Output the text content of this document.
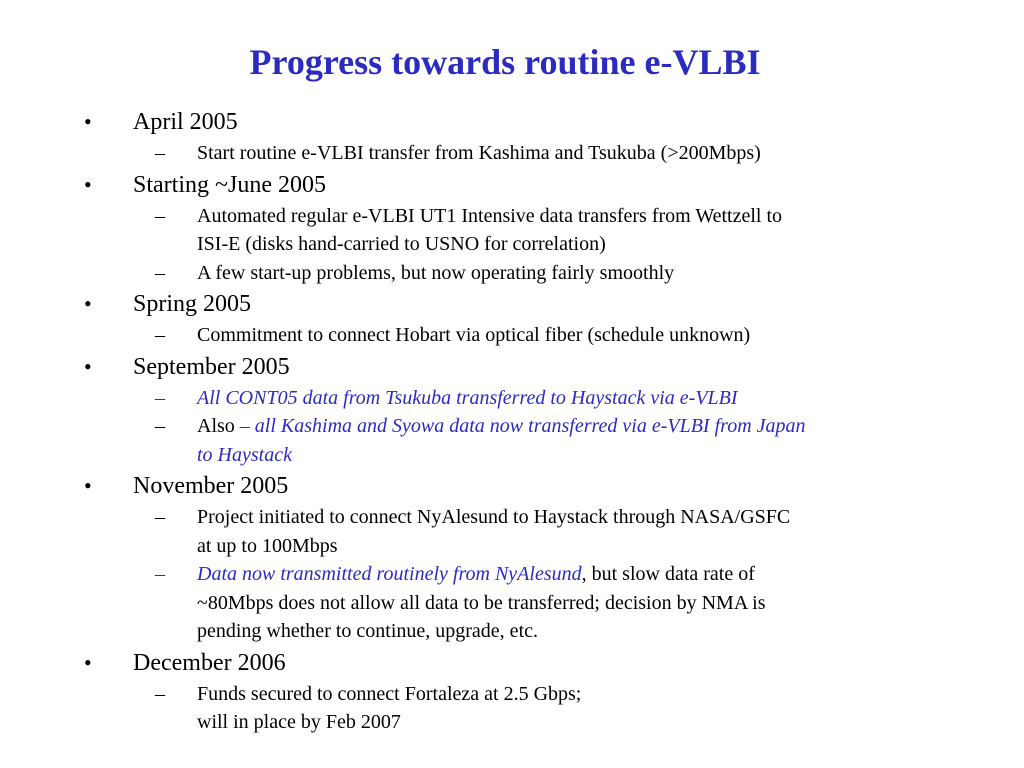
Progress towards routine e-VLBI
• April 2005
– Start routine e-VLBI transfer from Kashima and Tsukuba (>200Mbps)
• Starting ~June 2005
– Automated regular e-VLBI UT1 Intensive data transfers from Wettzell to
ISI-E (disks hand-carried to USNO for correlation)
– A few start-up problems, but now operating fairly smoothly
• Spring 2005
– Commitment to connect Hobart via optical fiber (schedule unknown)
• September 2005
– All CONT05 data from Tsukuba transferred to Haystack via e-VLBI
– Also – all Kashima and Syowa data now transferred via e-VLBI from Japan
to Haystack
• November 2005
– Project initiated to connect NyAlesund to Haystack through NASA/GSFC
at up to 100Mbps
– Data now transmitted routinely from NyAlesund, but slow data rate of
~80Mbps does not allow all data to be transferred; decision by NMA is
pending whether to continue, upgrade, etc.
• December 2006
– Funds secured to connect Fortaleza at 2.5 Gbps;
will in place by Feb 2007
